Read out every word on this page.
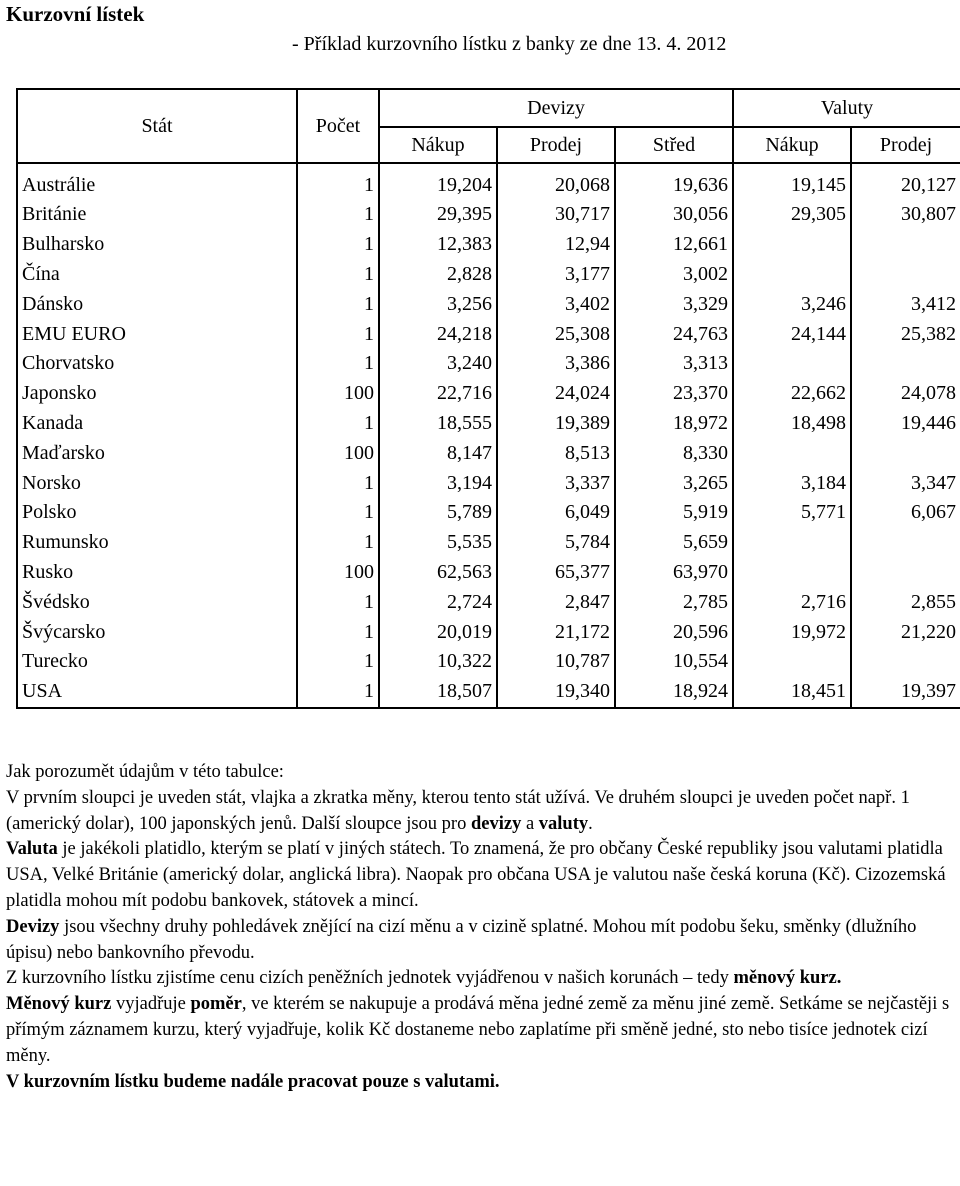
Kurzovní lístek
- Příklad kurzovního lístku z banky ze dne 13. 4. 2012
Stát	Počet	Devizy			Valuty	
		Nákup	Prodej	Střed	Nákup	Prodej
Austrálie	1	19,204	20,068	19,636	19,145	20,127
Británie	1	29,395	30,717	30,056	29,305	30,807
Bulharsko	1	12,383	12,94	12,661		
Čína	1	2,828	3,177	3,002		
Dánsko	1	3,256	3,402	3,329	3,246	3,412
EMU EURO	1	24,218	25,308	24,763	24,144	25,382
Chorvatsko	1	3,240	3,386	3,313		
Japonsko	100	22,716	24,024	23,370	22,662	24,078
Kanada	1	18,555	19,389	18,972	18,498	19,446
Maďarsko	100	8,147	8,513	8,330		
Norsko	1	3,194	3,337	3,265	3,184	3,347
Polsko	1	5,789	6,049	5,919	5,771	6,067
Rumunsko	1	5,535	5,784	5,659		
Rusko	100	62,563	65,377	63,970		
Švédsko	1	2,724	2,847	2,785	2,716	2,855
Švýcarsko	1	20,019	21,172	20,596	19,972	21,220
Turecko	1	10,322	10,787	10,554		
USA	1	18,507	19,340	18,924	18,451	19,397

Jak porozumět údajům v této tabulce:

V prvním sloupci je uveden stát, vlajka a zkratka měny, kterou tento stát užívá. Ve druhém sloupci je uveden počet např. 1 (americký dolar), 100 japonských jenů. Další sloupce jsou pro devizy a valuty.

Valuta je jakékoli platidlo, kterým se platí v jiných státech. To znamená, že pro občany České republiky jsou valutami platidla USA, Velké Británie (americký dolar, anglická libra). Naopak pro občana USA je valutou naše česká koruna (Kč). Cizozemská platidla mohou mít podobu bankovek, státovek a mincí.

Devizy jsou všechny druhy pohledávek znějící na cizí měnu a v cizině splatné. Mohou mít podobu šeku, směnky (dlužního úpisu) nebo bankovního převodu.

Z kurzovního lístku zjistíme cenu cizích peněžních jednotek vyjádřenou v našich korunách – tedy měnový kurz.

Měnový kurz vyjadřuje poměr, ve kterém se nakupuje a prodává měna jedné země za měnu jiné země. Setkáme se nejčastěji s přímým záznamem kurzu, který vyjadřuje, kolik Kč dostaneme nebo zaplatíme při směně jedné, sto nebo tisíce jednotek cizí měny.

V kurzovním lístku budeme nadále pracovat pouze s valutami.
